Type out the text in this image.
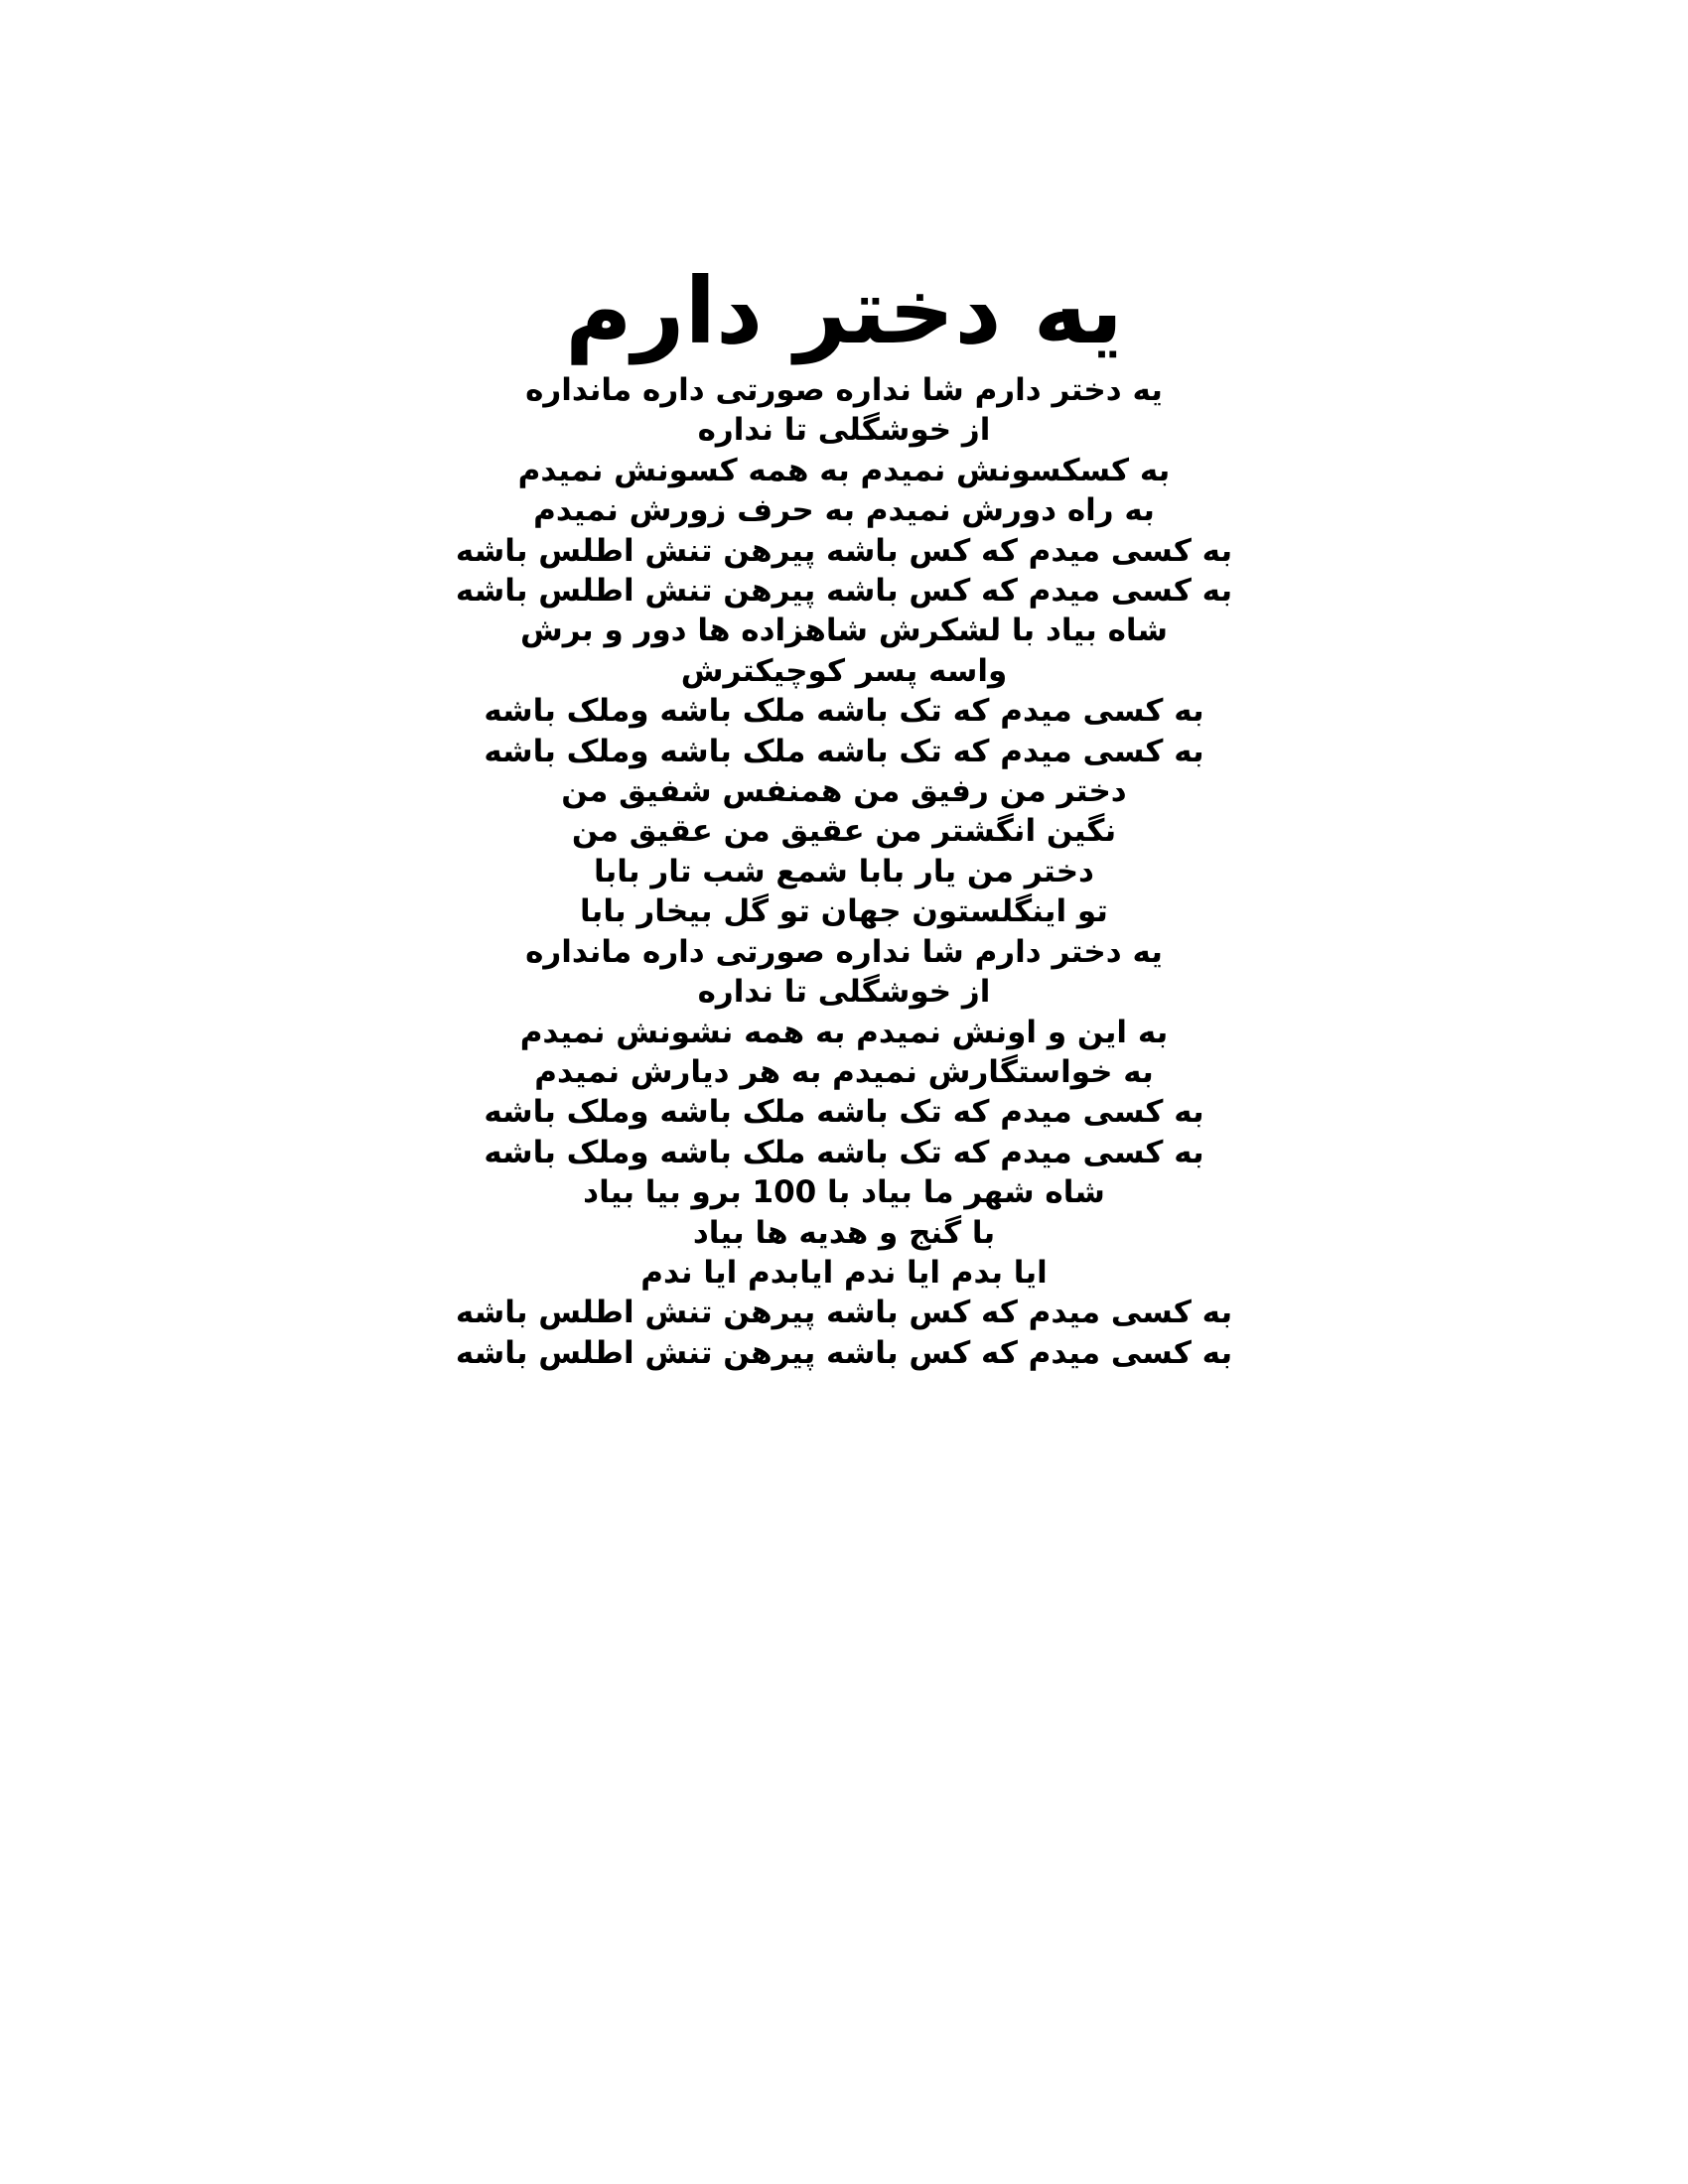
یه دختر دارم
یه دختر دارم شا نداره صورتی داره ماندارە
از خوشگلی تا نداره
به کسکسونش نمیدم به همه کسونش نمیدم
به راه دورش نمیدم به حرف زورش نمیدم
به کسی میدم که کس باشه پیرهن تنش اطلس باشه
به کسی میدم که کس باشه پیرهن تنش اطلس باشه
شاه بیاد با لشکرش شاهزاده ها دور و برش
واسه پسر کوچیکترش
به کسی میدم که تک باشه ملک باشه وملک باشه
به کسی میدم که تک باشه ملک باشه وملک باشه
دختر من رفیق من همنفس شفیق من
نگین انگشتر من عقیق من عقیق من
دختر من یار بابا شمع شب تار بابا
تو اینگلستون جهان تو گل بیخار بابا
یه دختر دارم شا نداره صورتی داره ماندارە
از خوشگلی تا نداره
به این و اونش نمیدم به همه نشونش نمیدم
به خواستگارش نمیدم به هر دیارش نمیدم
به کسی میدم که تک باشه ملک باشه وملک باشه
به کسی میدم که تک باشه ملک باشه وملک باشه
شاه شهر ما بیاد با 100 برو بیا بیاد
با گنج و هدیه ها بیاد
ایا بدم ایا ندم ایابدم ایا ندم
به کسی میدم که کس باشه پیرهن تنش اطلس باشه
به کسی میدم که کس باشه پیرهن تنش اطلس باشه
